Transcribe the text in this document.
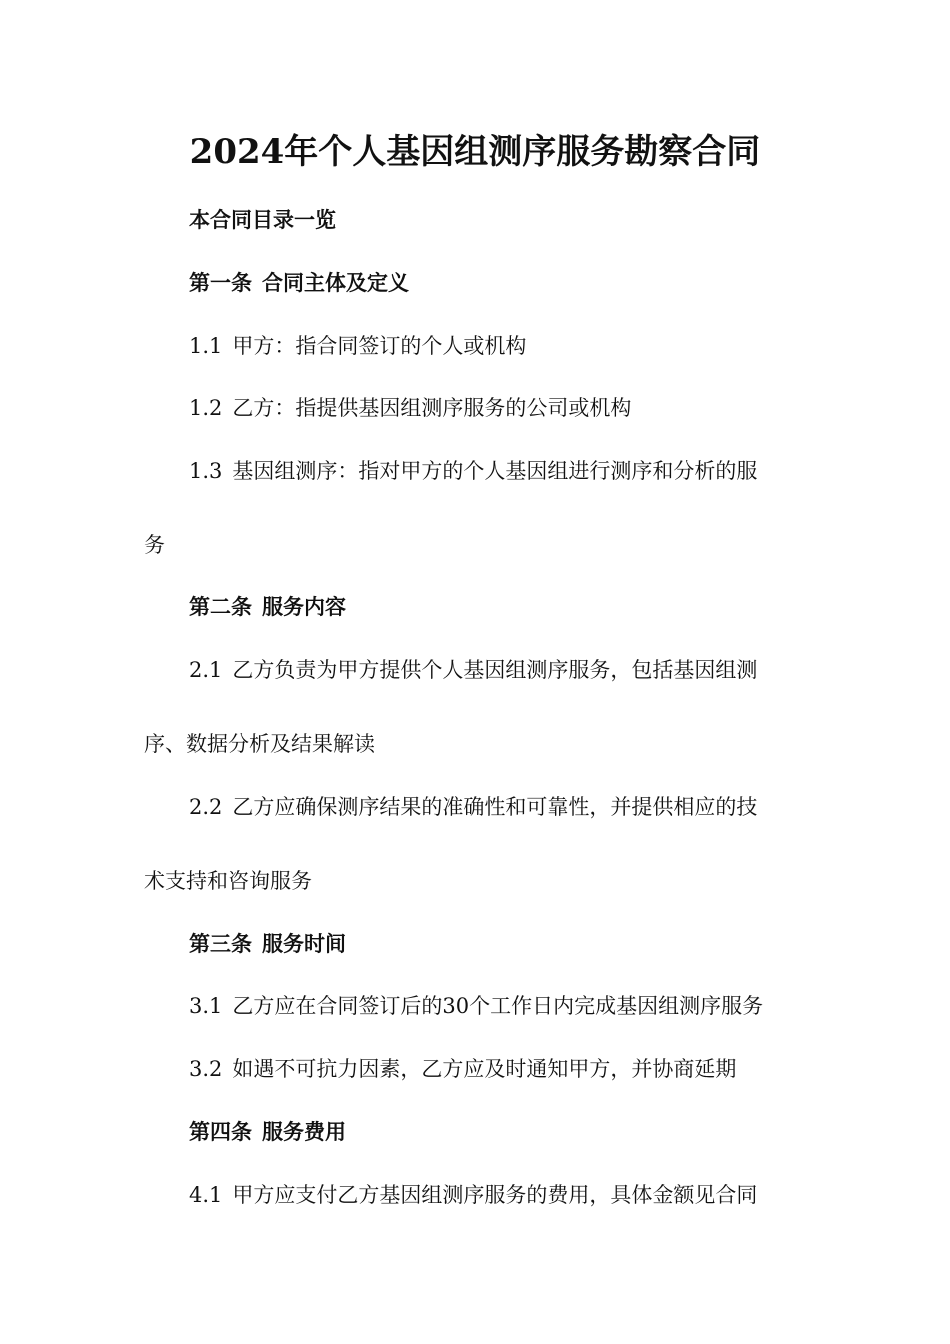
2024年个人基因组测序服务勘察合同

本合同目录一览

第一条 合同主体及定义

1.1 甲方：指合同签订的个人或机构

1.2 乙方：指提供基因组测序服务的公司或机构

1.3 基因组测序：指对甲方的个人基因组进行测序和分析的服

务

第二条 服务内容

2.1 乙方负责为甲方提供个人基因组测序服务，包括基因组测

序、数据分析及结果解读

2.2 乙方应确保测序结果的准确性和可靠性，并提供相应的技

术支持和咨询服务

第三条 服务时间

3.1 乙方应在合同签订后的30个工作日内完成基因组测序服务

3.2 如遇不可抗力因素，乙方应及时通知甲方，并协商延期

第四条 服务费用

4.1 甲方应支付乙方基因组测序服务的费用，具体金额见合同
